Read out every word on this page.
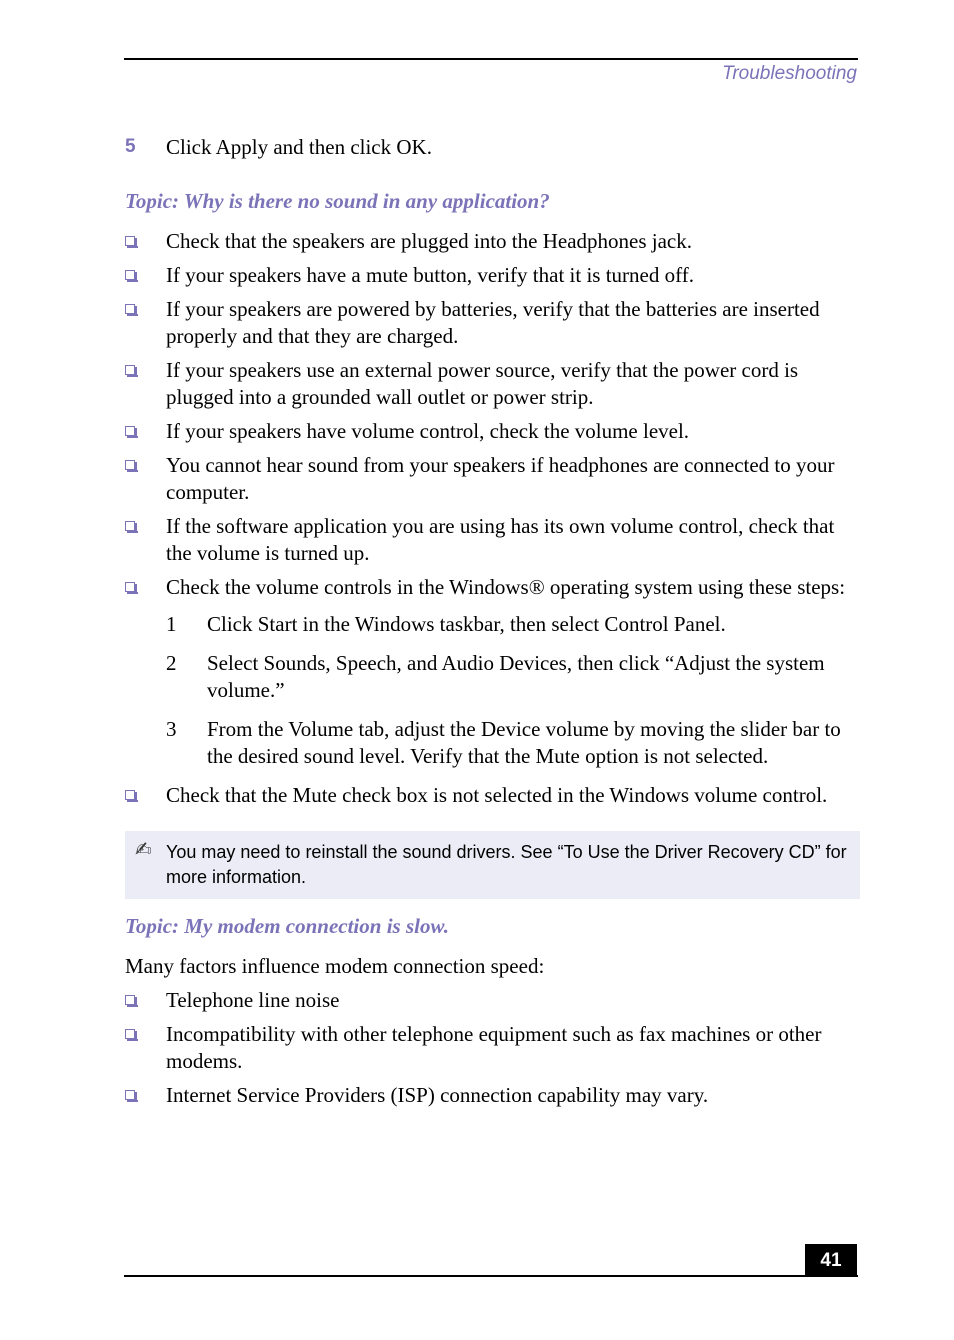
Troubleshooting
5	Click Apply and then click OK.
Topic: Why is there no sound in any application?
Check that the speakers are plugged into the Headphones jack.
If your speakers have a mute button, verify that it is turned off.
If your speakers are powered by batteries, verify that the batteries are inserted properly and that they are charged.
If your speakers use an external power source, verify that the power cord is plugged into a grounded wall outlet or power strip.
If your speakers have volume control, check the volume level.
You cannot hear sound from your speakers if headphones are connected to your computer.
If the software application you are using has its own volume control, check that the volume is turned up.
Check the volume controls in the Windows® operating system using these steps:
1	Click Start in the Windows taskbar, then select Control Panel.
2	Select Sounds, Speech, and Audio Devices, then click “Adjust the system volume.”
3	From the Volume tab, adjust the Device volume by moving the slider bar to the desired sound level. Verify that the Mute option is not selected.
Check that the Mute check box is not selected in the Windows volume control.
✍ You may need to reinstall the sound drivers. See “To Use the Driver Recovery CD” for more information.
Topic: My modem connection is slow.
Many factors influence modem connection speed:
Telephone line noise
Incompatibility with other telephone equipment such as fax machines or other modems.
Internet Service Providers (ISP) connection capability may vary.
41
